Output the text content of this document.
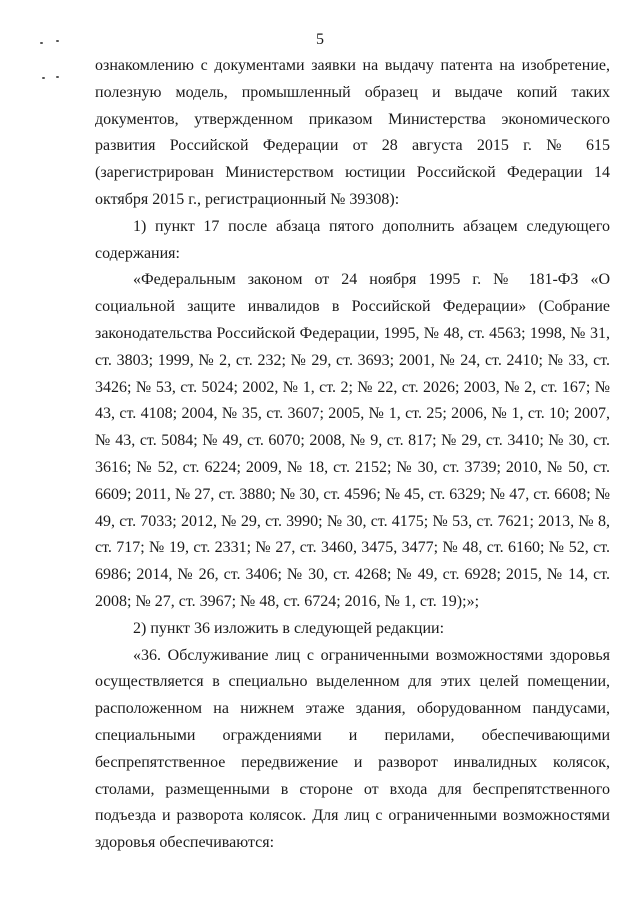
5

ознакомлению с документами заявки на выдачу патента на изобретение, полезную модель, промышленный образец и выдаче копий таких документов, утвержденном приказом Министерства экономического развития Российской Федерации от 28 августа 2015 г. № 615 (зарегистрирован Министерством юстиции Российской Федерации 14 октября 2015 г., регистрационный № 39308):

1) пункт 17 после абзаца пятого дополнить абзацем следующего содержания:

«Федеральным законом от 24 ноября 1995 г. № 181-ФЗ «О социальной защите инвалидов в Российской Федерации» (Собрание законодательства Российской Федерации, 1995, № 48, ст. 4563; 1998, № 31, ст. 3803; 1999, № 2, ст. 232; № 29, ст. 3693; 2001, № 24, ст. 2410; № 33, ст. 3426; № 53, ст. 5024; 2002, № 1, ст. 2; № 22, ст. 2026; 2003, № 2, ст. 167; № 43, ст. 4108; 2004, № 35, ст. 3607; 2005, № 1, ст. 25; 2006, № 1, ст. 10; 2007, № 43, ст. 5084; № 49, ст. 6070; 2008, № 9, ст. 817; № 29, ст. 3410; № 30, ст. 3616; № 52, ст. 6224; 2009, № 18, ст. 2152; № 30, ст. 3739; 2010, № 50, ст. 6609; 2011, № 27, ст. 3880; № 30, ст. 4596; № 45, ст. 6329; № 47, ст. 6608; № 49, ст. 7033; 2012, № 29, ст. 3990; № 30, ст. 4175; № 53, ст. 7621; 2013, № 8, ст. 717; № 19, ст. 2331; № 27, ст. 3460, 3475, 3477; № 48, ст. 6160; № 52, ст. 6986; 2014, № 26, ст. 3406; № 30, ст. 4268; № 49, ст. 6928; 2015, № 14, ст. 2008; № 27, ст. 3967; № 48, ст. 6724; 2016, № 1, ст. 19);»;

2) пункт 36 изложить в следующей редакции:

«36. Обслуживание лиц с ограниченными возможностями здоровья осуществляется в специально выделенном для этих целей помещении, расположенном на нижнем этаже здания, оборудованном пандусами, специальными ограждениями и перилами, обеспечивающими беспрепятственное передвижение и разворот инвалидных колясок, столами, размещенными в стороне от входа для беспрепятственного подъезда и разворота колясок. Для лиц с ограниченными возможностями здоровья обеспечиваются:
